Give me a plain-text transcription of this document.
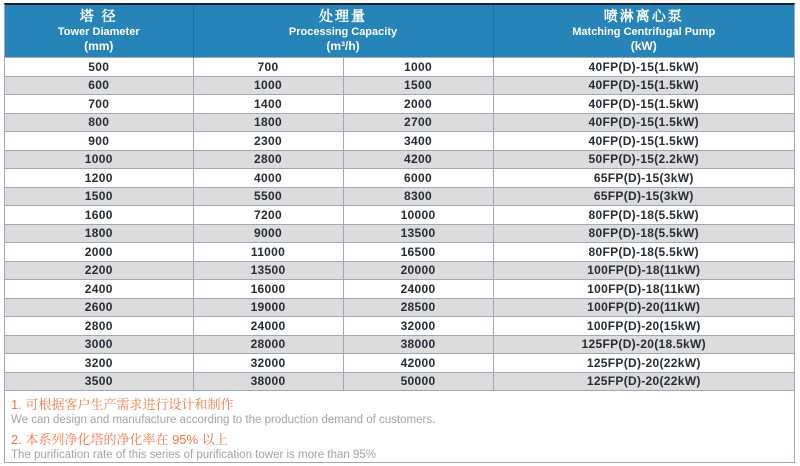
塔 径
Tower Diameter
(mm)

处理量
Processing Capacity
(m³/h)

喷淋离心泵
Matching Centrifugal Pump
(kW)

500	700	1000	40FP(D)-15(1.5kW)
600	1000	1500	40FP(D)-15(1.5kW)
700	1400	2000	40FP(D)-15(1.5kW)
800	1800	2700	40FP(D)-15(1.5kW)
900	2300	3400	40FP(D)-15(1.5kW)
1000	2800	4200	50FP(D)-15(2.2kW)
1200	4000	6000	65FP(D)-15(3kW)
1500	5500	8300	65FP(D)-15(3kW)
1600	7200	10000	80FP(D)-18(5.5kW)
1800	9000	13500	80FP(D)-18(5.5kW)
2000	11000	16500	80FP(D)-18(5.5kW)
2200	13500	20000	100FP(D)-18(11kW)
2400	16000	24000	100FP(D)-18(11kW)
2600	19000	28500	100FP(D)-20(11kW)
2800	24000	32000	100FP(D)-20(15kW)
3000	28000	38000	125FP(D)-20(18.5kW)
3200	32000	42000	125FP(D)-20(22kW)
3500	38000	50000	125FP(D)-20(22kW)
1. 可根据客户生产需求进行设计和制作
We can design and manufacture according to the production demand of customers.
2. 本系列净化塔的净化率在 95% 以上
The purification rate of this series of purification tower is more than 95%
